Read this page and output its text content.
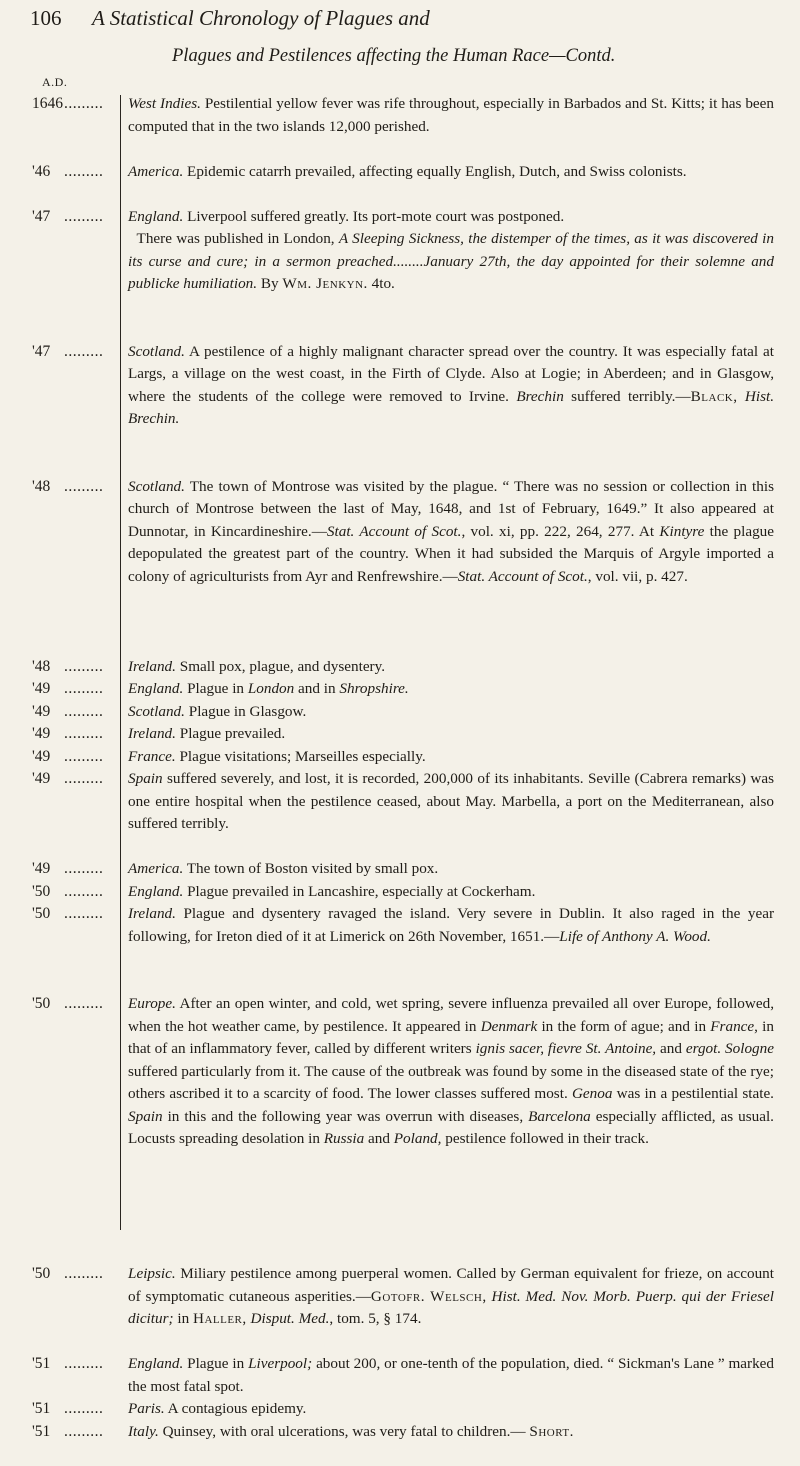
106 A Statistical Chronology of Plagues and
Plagues and Pestilences affecting the Human Race—Contd.
A.D.
1646.........	West Indies. Pestilential yellow fever was rife throughout, especially in Barbados and St. Kitts; it has been computed that in the two islands 12,000 perished.
'46 .........	America. Epidemic catarrh prevailed, affecting equally English, Dutch, and Swiss colonists.
'47 .........	England. Liverpool suffered greatly. Its port-mote court was postponed.
There was published in London, A Sleeping Sickness, the distemper of the times, as it was discovered in its curse and cure; in a sermon preached........January 27th, the day appointed for their solemne and publicke humiliation. By Wm. Jenkyn. 4to.
'47 .........	Scotland. A pestilence of a highly malignant character spread over the country. It was especially fatal at Largs, a village on the west coast, in the Firth of Clyde. Also at Logie; in Aberdeen; and in Glasgow, where the students of the college were removed to Irvine. Brechin suffered terribly.—Black, Hist. Brechin.
'48 .........	Scotland. The town of Montrose was visited by the plague. “ There was no session or collection in this church of Montrose between the last of May, 1648, and 1st of February, 1649.” It also appeared at Dunnotar, in Kincardineshire.—Stat. Account of Scot., vol. xi, pp. 222, 264, 277. At Kintyre the plague depopulated the greatest part of the country. When it had subsided the Marquis of Argyle imported a colony of agriculturists from Ayr and Renfrewshire.—Stat. Account of Scot., vol. vii, p. 427.
'48 .........	Ireland. Small pox, plague, and dysentery.
'49 .........	England. Plague in London and in Shropshire.
'49 .........	Scotland. Plague in Glasgow.
'49 .........	Ireland. Plague prevailed.
'49 .........	France. Plague visitations; Marseilles especially.
'49 .........	Spain suffered severely, and lost, it is recorded, 200,000 of its inhabitants. Seville (Cabrera remarks) was one entire hospital when the pestilence ceased, about May. Marbella, a port on the Mediterranean, also suffered terribly.
'49 .........	America. The town of Boston visited by small pox.
'50 .........	England. Plague prevailed in Lancashire, especially at Cockerham.
'50 .........	Ireland. Plague and dysentery ravaged the island. Very severe in Dublin. It also raged in the year following, for Ireton died of it at Limerick on 26th November, 1651.—Life of Anthony A. Wood.
'50 .........	Europe. After an open winter, and cold, wet spring, severe influenza prevailed all over Europe, followed, when the hot weather came, by pestilence. It appeared in Denmark in the form of ague; and in France, in that of an inflammatory fever, called by different writers ignis sacer, fievre St. Antoine, and ergot. Sologne suffered particularly from it. The cause of the outbreak was found by some in the diseased state of the rye; others ascribed it to a scarcity of food. The lower classes suffered most. Genoa was in a pestilential state. Spain in this and the following year was overrun with diseases, Barcelona especially afflicted, as usual. Locusts spreading desolation in Russia and Poland, pestilence followed in their track.
'50 .........	Leipsic. Miliary pestilence among puerperal women. Called by German equivalent for frieze, on account of symptomatic cutaneous asperities.—Gotofr. Welsch, Hist. Med. Nov. Morb. Puerp. qui der Friesel dicitur; in Haller, Disput. Med., tom. 5, § 174.
'51 .........	England. Plague in Liverpool; about 200, or one-tenth of the population, died. “ Sickman's Lane ” marked the most fatal spot.
'51 .........	Paris. A contagious epidemy.
'51 .........	Italy. Quinsey, with oral ulcerations, was very fatal to children.— Short.
